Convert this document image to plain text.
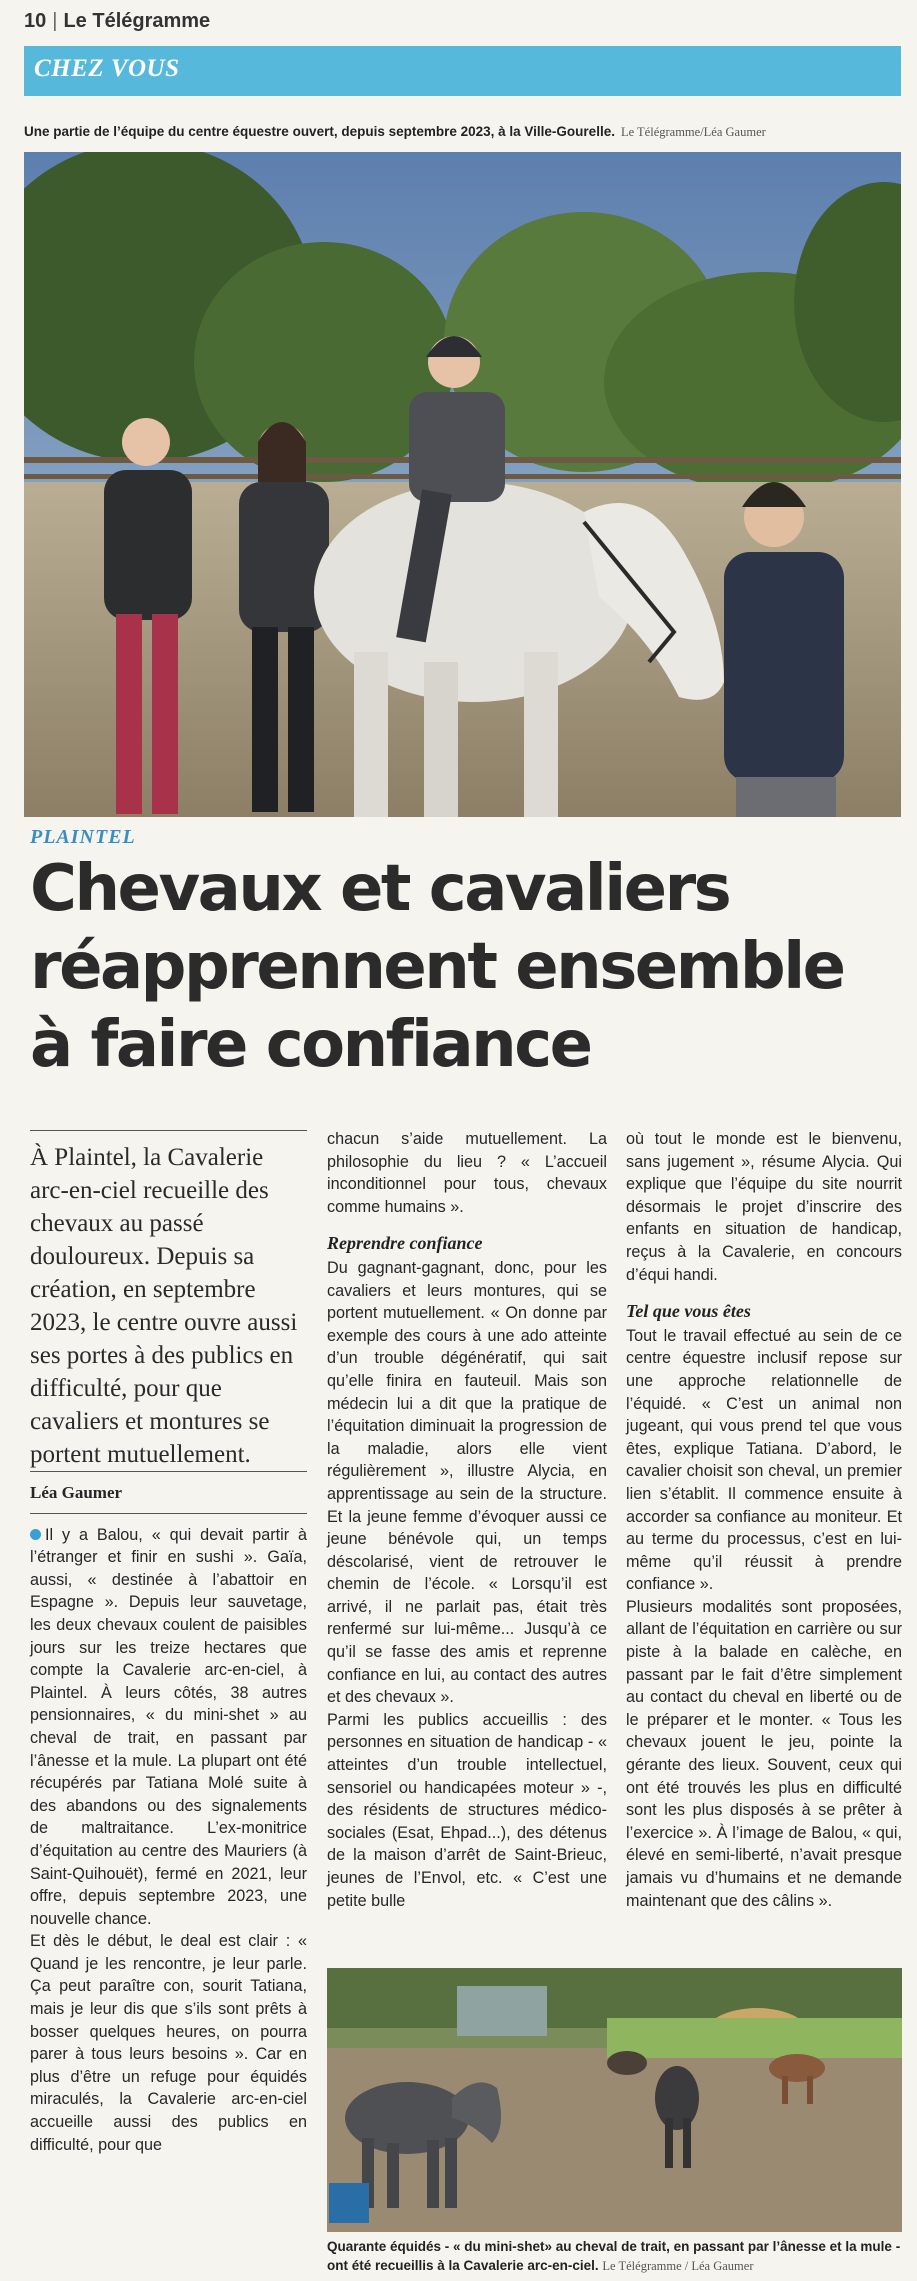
10 | Le Télégramme
CHEZ VOUS
Une partie de l’équipe du centre équestre ouvert, depuis septembre 2023, à la Ville-Gourelle. Le Télégramme/Léa Gaumer
PLAINTEL
Chevaux et cavaliers
réapprennent ensemble
à faire confiance

À Plaintel, la Cavalerie arc-en-ciel recueille des chevaux au passé douloureux. Depuis sa création, en septembre 2023, le centre ouvre aussi ses portes à des publics en difficulté, pour que cavaliers et montures se portent mutuellement.

Léa Gaumer

Il y a Balou, « qui devait partir à l’étranger et finir en sushi ». Gaïa, aussi, « destinée à l’abattoir en Espagne ». Depuis leur sauvetage, les deux chevaux coulent de paisibles jours sur les treize hectares que compte la Cavalerie arc-en-ciel, à Plaintel. À leurs côtés, 38 autres pensionnaires, « du mini-shet » au cheval de trait, en passant par l’ânesse et la mule. La plupart ont été récupérés par Tatiana Molé suite à des abandons ou des signalements de maltraitance. L’ex-monitrice d’équitation au centre des Mauriers (à Saint-Quihouët), fermé en 2021, leur offre, depuis septembre 2023, une nouvelle chance.

Et dès le début, le deal est clair : « Quand je les rencontre, je leur parle. Ça peut paraître con, sourit Tatiana, mais je leur dis que s’ils sont prêts à bosser quelques heures, on pourra parer à tous leurs besoins ». Car en plus d’être un refuge pour équidés miraculés, la Cavalerie arc-en-ciel accueille aussi des publics en difficulté, pour que

chacun s’aide mutuellement. La philosophie du lieu ? « L’accueil inconditionnel pour tous, chevaux comme humains ».

Reprendre confiance

Du gagnant-gagnant, donc, pour les cavaliers et leurs montures, qui se portent mutuellement. « On donne par exemple des cours à une ado atteinte d’un trouble dégénératif, qui sait qu’elle finira en fauteuil. Mais son médecin lui a dit que la pratique de l’équitation diminuait la progression de la maladie, alors elle vient régulièrement », illustre Alycia, en apprentissage au sein de la structure. Et la jeune femme d’évoquer aussi ce jeune bénévole qui, un temps déscolarisé, vient de retrouver le chemin de l’école. « Lorsqu’il est arrivé, il ne parlait pas, était très renfermé sur lui-même... Jusqu’à ce qu’il se fasse des amis et reprenne confiance en lui, au contact des autres et des chevaux ».

Parmi les publics accueillis : des personnes en situation de handicap - « atteintes d’un trouble intellectuel, sensoriel ou handicapées moteur » -, des résidents de structures médico-sociales (Esat, Ehpad...), des détenus de la maison d’arrêt de Saint-Brieuc, jeunes de l’Envol, etc. « C’est une petite bulle

où tout le monde est le bienvenu, sans jugement », résume Alycia. Qui explique que l’équipe du site nourrit désormais le projet d’inscrire des enfants en situation de handicap, reçus à la Cavalerie, en concours d’équi handi.

Tel que vous êtes

Tout le travail effectué au sein de ce centre équestre inclusif repose sur une approche relationnelle de l’équidé. « C’est un animal non jugeant, qui vous prend tel que vous êtes, explique Tatiana. D’abord, le cavalier choisit son cheval, un premier lien s’établit. Il commence ensuite à accorder sa confiance au moniteur. Et au terme du processus, c’est en lui-même qu’il réussit à prendre confiance ».

Plusieurs modalités sont proposées, allant de l’équitation en carrière ou sur piste à la balade en calèche, en passant par le fait d’être simplement au contact du cheval en liberté ou de le préparer et le monter. « Tous les chevaux jouent le jeu, pointe la gérante des lieux. Souvent, ceux qui ont été trouvés les plus en difficulté sont les plus disposés à se prêter à l’exercice ». À l’image de Balou, « qui, élevé en semi-liberté, n’avait presque jamais vu d’humains et ne demande maintenant que des câlins ».

Quarante équidés - « du mini-shet» au cheval de trait, en passant par l’ânesse et la mule - ont été recueillis à la Cavalerie arc-en-ciel. Le Télégramme / Léa Gaumer
